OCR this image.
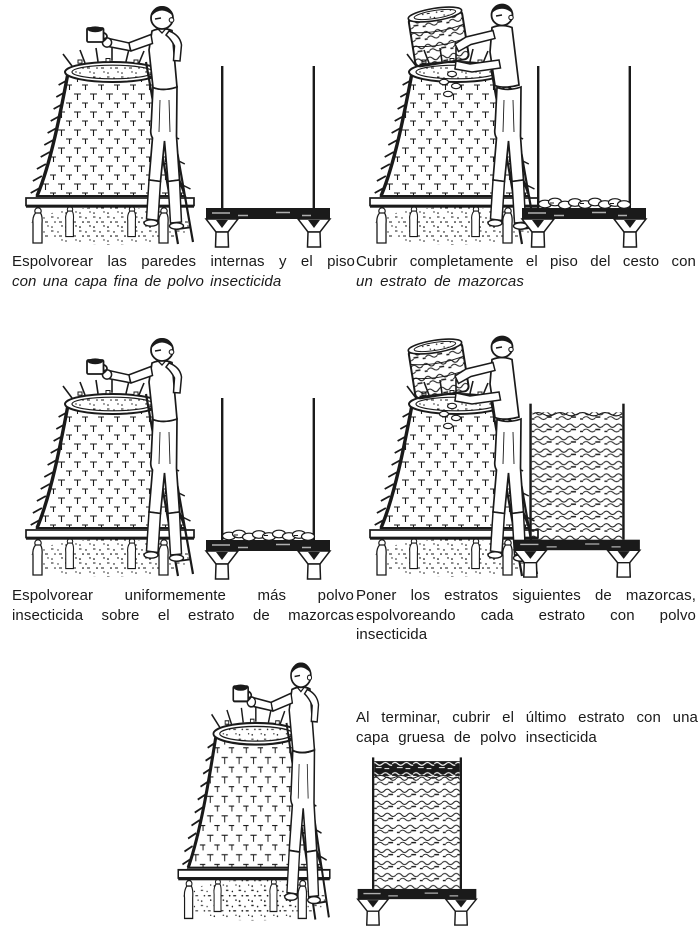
Espolvorear las paredes internas y el piso
con una capa fina de polvo insecticida
Cubrir completamente el piso del cesto con
un estrato de mazorcas
Espolvorear uniformemente más polvo
insecticida sobre el estrato de mazorcas
Poner los estratos siguientes de mazorcas,
espolvoreando cada estrato con polvo
insecticida
Al terminar, cubrir el último estrato con una
capa gruesa de polvo insecticida
